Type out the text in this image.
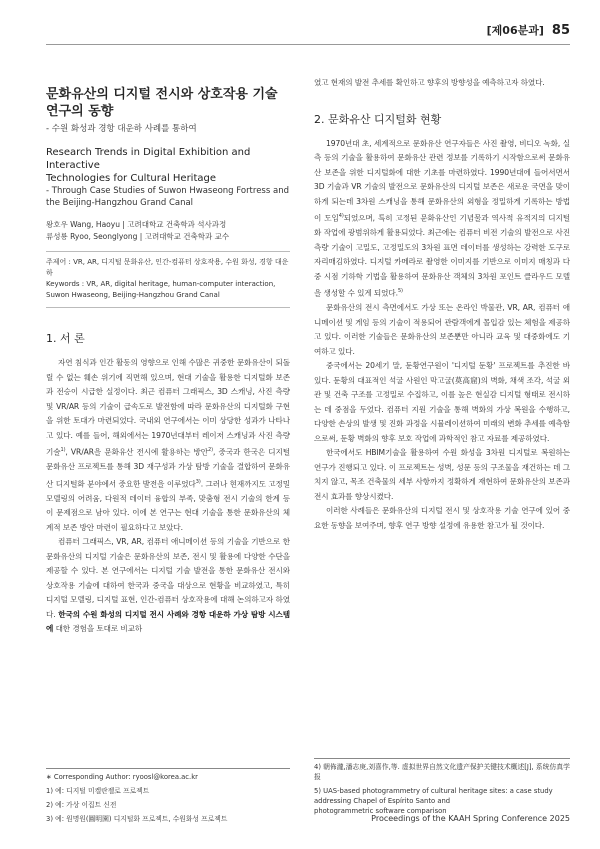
[제06분과] 85

문화유산의 디지털 전시와 상호작용 기술
연구의 동향

- 수원 화성과 경항 대운하 사례를 통하여

Research Trends in Digital Exhibition and Interactive
Technologies for Cultural Heritage

- Through Case Studies of Suwon Hwaseong Fortress and
the Beijing-Hangzhou Grand Canal

왕호우 Wang, Haoyu | 고려대학교 건축학과 석사과정

류성룡 Ryoo, Seonglyong | 고려대학교 건축학과 교수

주제어 : VR, AR, 디지털 문화유산, 인간-컴퓨터 상호작용, 수원 화성, 경항 대운하

Keywords : VR, AR, digital heritage, human-computer interaction, Suwon Hwaseong, Beijing-Hangzhou Grand Canal

1. 서 론

자연 침식과 인간 활동의 영향으로 인해 수많은 귀중한 문화유산이 되돌릴 수 없는 훼손 위기에 직면해 있으며, 현대 기술을 활용한 디지털화 보존과 전승이 시급한 실정이다. 최근 컴퓨터 그래픽스, 3D 스캐닝, 사진 측량 및 VR/AR 등의 기술이 급속도로 발전함에 따라 문화유산의 디지털화 구현을 위한 토대가 마련되었다. 국내외 연구에서는 이미 상당한 성과가 나타나고 있다. 예를 들어, 해외에서는 1970년대부터 레이저 스캐닝과 사진 측량 기술$^{1)}$, VR/AR을 문화유산 전시에 활용하는 방안$^{2)}$, 중국과 한국은 디지털 문화유산 프로젝트를 통해 3D 재구성과 가상 탐방 기술을 결합하여 문화유산 디지털화 분야에서 중요한 발전을 이루었다$^{3)}$. 그러나 현재까지도 고정밀 모델링의 어려움, 다원적 데이터 융합의 부족, 맞춤형 전시 기술의 한계 등이 문제점으로 남아 있다. 이에 본 연구는 현대 기술을 통한 문화유산의 체계적 보존 방안 마련이 필요하다고 보았다.

컴퓨터 그래픽스, VR, AR, 컴퓨터 애니메이션 등의 기술을 기반으로 한 문화유산의 디지털 기술은 문화유산의 보존, 전시 및 활용에 다양한 수단을 제공할 수 있다. 본 연구에서는 디지털 기술 발전을 통한 문화유산 전시와 상호작용 기술에 대하여 한국과 중국을 대상으로 현황을 비교하였고, 특히 디지털 모델링, 디지털 표현, 인간-컴퓨터 상호작용에 대해 논의하고자 하였다. 한국의 수원 화성의 디지털 전시 사례와 경항 대운하 가상 탐방 시스템에 대한 경험을 토대로 비교하

∗ Corresponding Author: ryoosl@korea.ac.kr
1) 예: 디지털 미켈란젤로 프로젝트
2) 예: 가상 이집트 신전
3) 예: 원명원(圓明園) 디지털화 프로젝트, 수원화성 프로젝트

였고 현재의 발전 추세를 확인하고 향후의 방향성을 예측하고자 하였다.

2. 문화유산 디지털화 현황

1970년대 초, 세계적으로 문화유산 연구자들은 사진 촬영, 비디오 녹화, 실측 등의 기술을 활용하여 문화유산 관련 정보를 기록하기 시작함으로써 문화유산 보존을 위한 디지털화에 대한 기초를 마련하였다. 1990년대에 들어서면서 3D 기술과 VR 기술의 발전으로 문화유산의 디지털 보존은 새로운 국면을 맞이하게 되는데 3차원 스캐닝을 통해 문화유산의 외형을 정밀하게 기록하는 방법이 도입$^{4)}$되었으며, 특히 고정된 문화유산인 기념물과 역사적 유적지의 디지털화 작업에 광범위하게 활용되었다. 최근에는 컴퓨터 비전 기술의 발전으로 사진측량 기술이 고밀도, 고정밀도의 3차원 표면 데이터를 생성하는 강력한 도구로 자리매김하였다. 디지털 카메라로 촬영한 이미지를 기반으로 이미지 매칭과 다중 시점 기하학 기법을 활용하여 문화유산 객체의 3차원 포인트 클라우드 모델을 생성할 수 있게 되었다.$^{5)}$

문화유산의 전시 측면에서도 가상 또는 온라인 박물관, VR, AR, 컴퓨터 애니메이션 및 게임 등의 기술이 적용되어 관람객에게 몰입감 있는 체험을 제공하고 있다. 이러한 기술들은 문화유산의 보존뿐만 아니라 교육 및 대중화에도 기여하고 있다.

중국에서는 20세기 말, 둔황연구원이 '디지털 둔황' 프로젝트를 추진한 바 있다. 둔황의 대표적인 석굴 사원인 막고굴(莫高窟)의 벽화, 채색 조각, 석굴 외관 및 건축 구조를 고정밀로 수집하고, 이를 높은 현실감 디지털 형태로 전시하는 데 중점을 두었다. 컴퓨터 지원 기술을 통해 벽화의 가상 복원을 수행하고, 다양한 손상의 발생 및 진화 과정을 시뮬레이션하여 미래의 변화 추세를 예측함으로써, 둔황 벽화의 향후 보호 작업에 과학적인 참고 자료를 제공하였다.

한국에서도 HBIM기술을 활용하여 수원 화성을 3차원 디지털로 복원하는 연구가 진행되고 있다. 이 프로젝트는 성벽, 성문 등의 구조물을 재건하는 데 그치지 않고, 목조 건축물의 세부 사항까지 정확하게 재현하여 문화유산의 보존과 전시 효과를 향상시켰다.

이러한 사례들은 문화유산의 디지털 전시 및 상호작용 기술 연구에 있어 중요한 동향을 보여주며, 향후 연구 방향 설정에 유용한 참고가 될 것이다.

4) 朝佈瀧,潘志庚,刘喜作,等. 虚拟世界自然文化遗产保护关键技术概述[J], 系统仿真学报
5) UAS-based photogrammetry of cultural heritage sites: a case study addressing Chapel of Espírito Santo and
photogrammetric software comparison
Proceedings of the KAAH Spring Conference 2025
